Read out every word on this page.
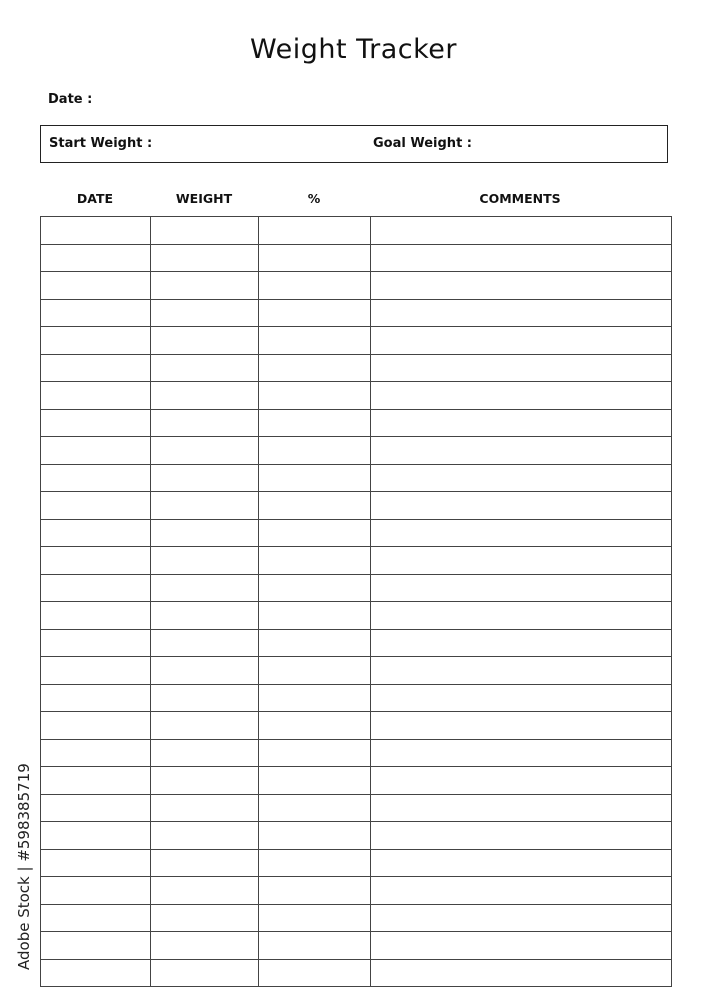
Weight Tracker
Date :
Start Weight :	Goal Weight :
DATE	WEIGHT	%	COMMENTS

Adobe Stock | #598385719
